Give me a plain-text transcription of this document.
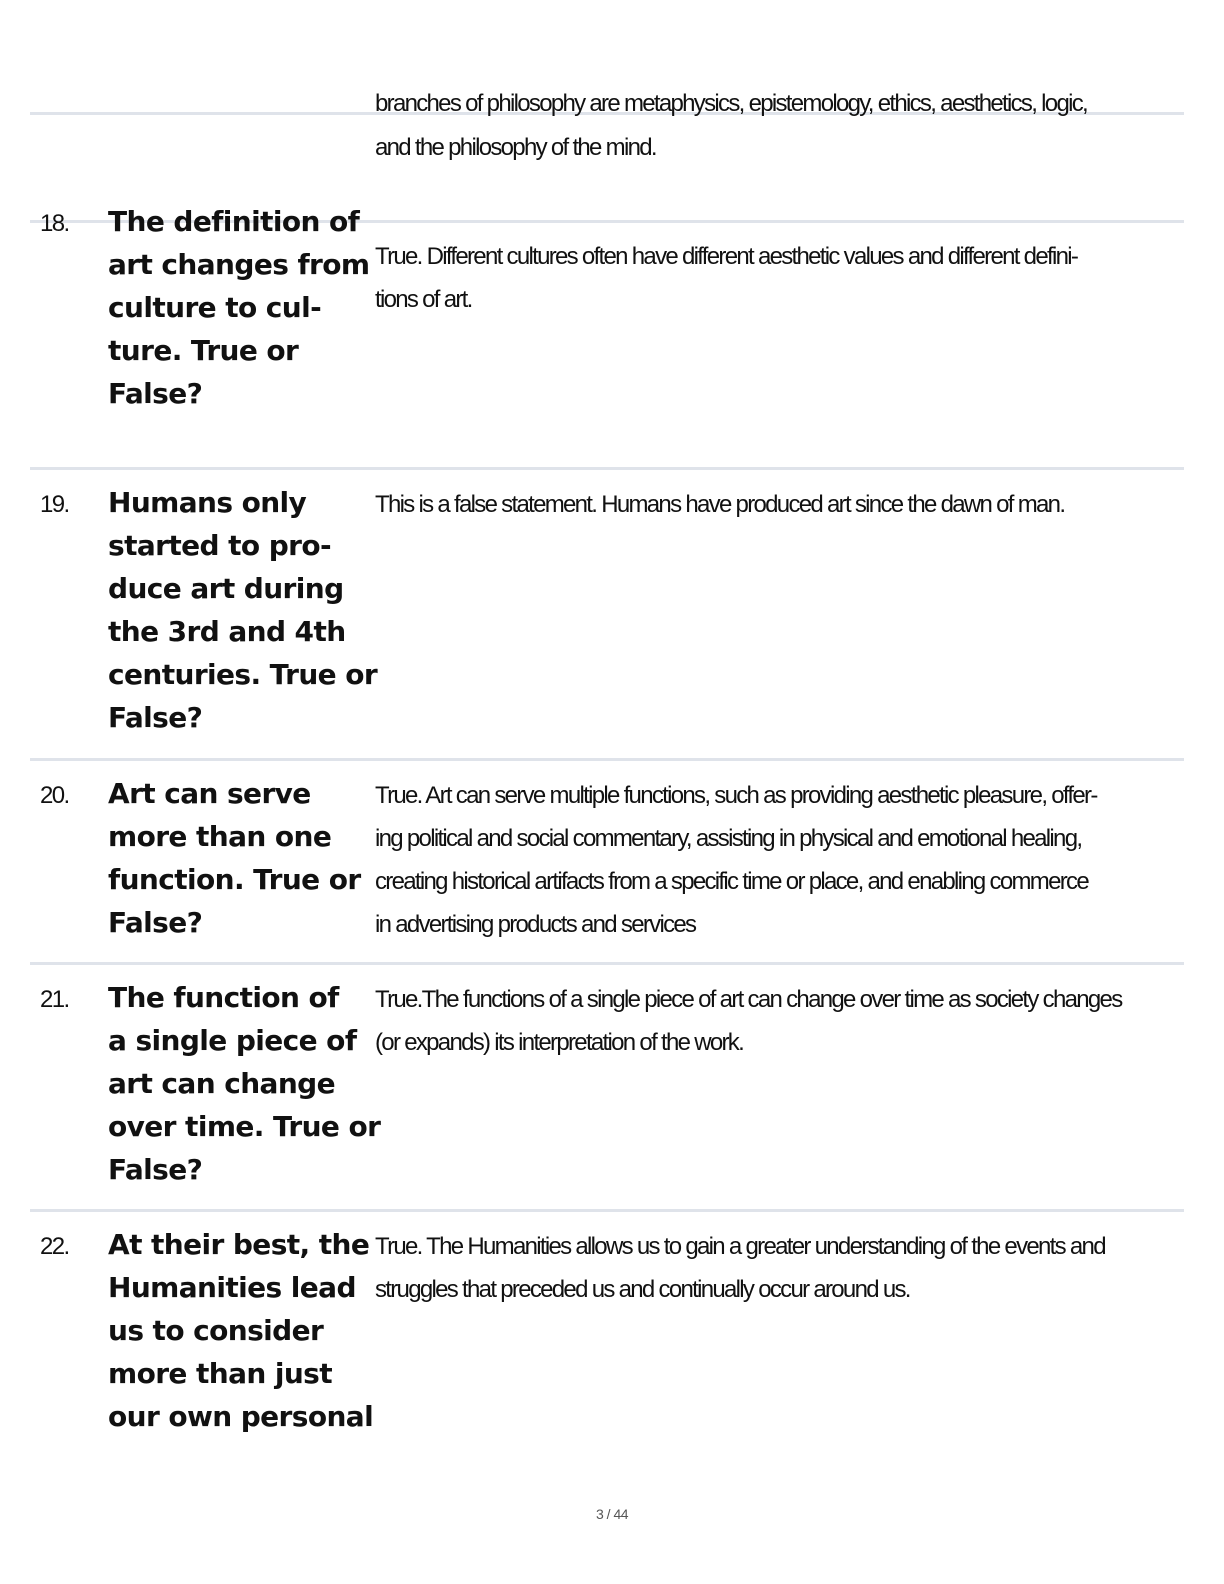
branches of philosophy are metaphysics, epistemology, ethics, aesthetics, logic,
and the philosophy of the mind.
18. The definition of
art changes from
culture to cul-
ture. True or
False?
True. Different cultures often have different aesthetic values and different defini-
tions of art.
19. Humans only
started to pro-
duce art during
the 3rd and 4th
centuries. True or
False?
This is a false statement. Humans have produced art since the dawn of man.
20. Art can serve
more than one
function. True or
False?
True. Art can serve multiple functions, such as providing aesthetic pleasure, offer-
ing political and social commentary, assisting in physical and emotional healing,
creating historical artifacts from a specific time or place, and enabling commerce
in advertising products and services
21. The function of
a single piece of
art can change
over time. True or
False?
True.The functions of a single piece of art can change over time as society changes
(or expands) its interpretation of the work.
22. At their best, the
Humanities lead
us to consider
more than just
our own personal
True. The Humanities allows us to gain a greater understanding of the events and
struggles that preceded us and continually occur around us.
3 / 44
